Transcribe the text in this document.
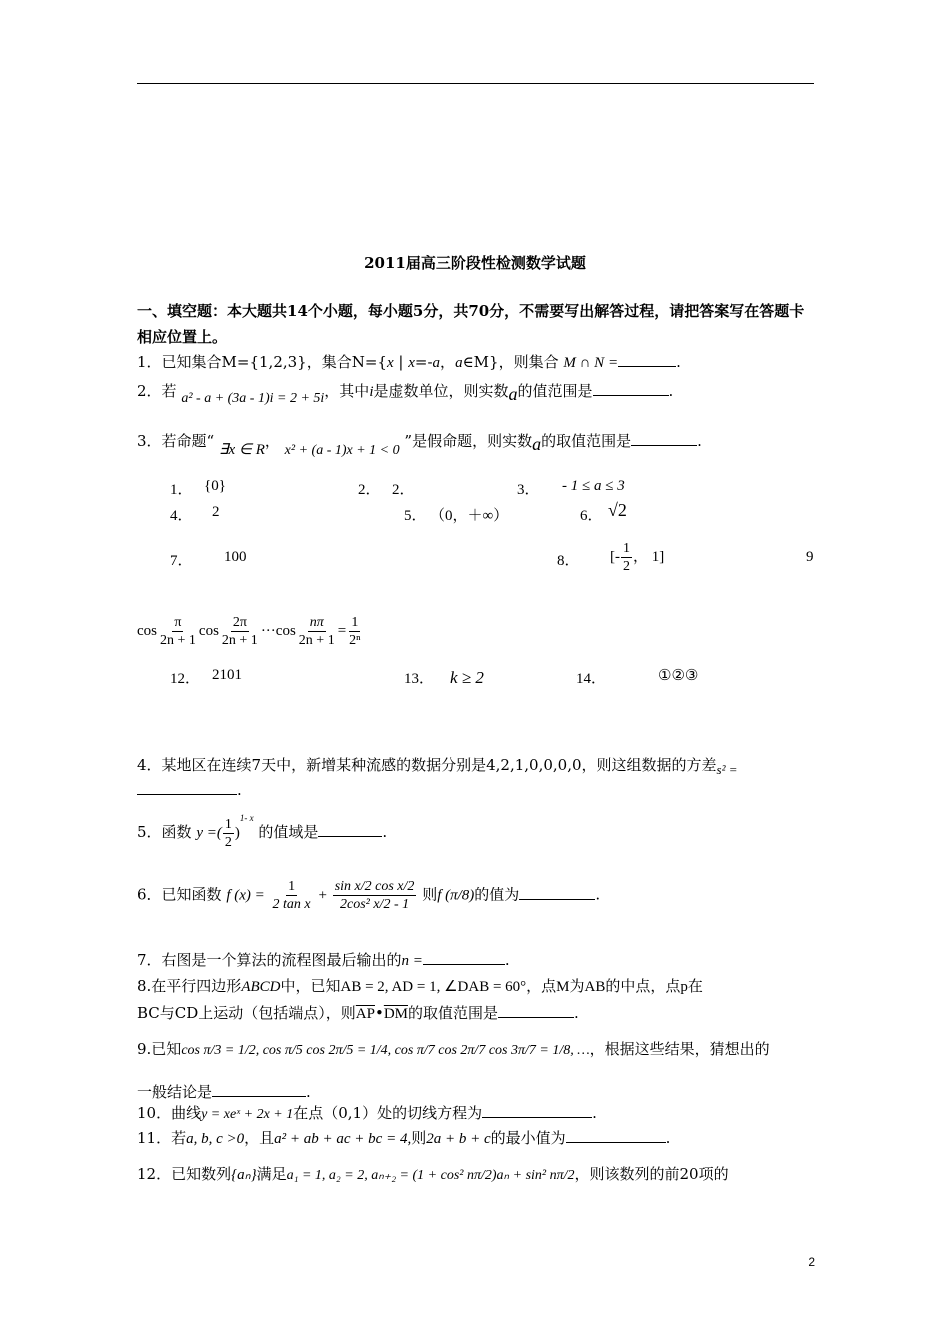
2011届高三阶段性检测数学试题
一、填空题：本大题共14个小题，每小题5分，共70分，不需要写出解答过程，请把答案写在答题卡相应位置上。
1．已知集合M={1,2,3}，集合N={x | x=-a，a∈M}，则集合 M ∩ N =	.
2．若 a² - a + (3a - 1)i = 2 + 5i，其中i是虚数单位，则实数a的值范围是	.
3．若命题“ ∃x ∈ R， x² + (a - 1)x + 1 < 0 ”是假命题，则实数a的取值范围是	.
1． {0}	2． 2．	3． - 1 ≤ a ≤ 3
4． 2	5． （0，＋∞）	6． √2
7． 100	8． [- $\frac{1}{2}$ ， 1]	9
$\cos \frac{\pi}{2n + 1}$ $\cos \frac{2\pi}{2n + 1} \cdot\cdot\cdot\cos \frac{n\pi}{2n + 1} = \frac{1}{\text{2ⁿ}}$
12． 2101	13． k ≥ 2	14．	①②③
4．某地区在连续7天中，新增某种流感的数据分别是4,2,1,0,0,0,0，则这组数据的方差s² =
.
5．函数 y =( $\frac{1}{2} )^{1- x}$ 的值域是	.
6．已知函数 f $(x) = \frac{1}{\text{2 tan x}} + \frac{\text{sin x/2 cos x/2}}{\text{2cos² x/2 - 1}}$ 则f (π/8)的值为	.
7．右图是一个算法的流程图最后输出的n =	.
8.在平行四边形ABCD中，已知AB = 2, AD = 1, ∠DAB = 60°，点M为AB的中点，点p在
BC与CD上运动（包括端点），则$\overline{AP}•\overline{DM}$的取值范围是	.
9.已知cos π/3 = 1/2, cos π/5 cos 2π/5 = 1/4, cos π/7 cos 2π/7 cos 3π/7 = 1/8, …，根据这些结果，猜想出的
一般结论是	.
10．曲线y = xeˣ + 2x + 1在点（0,1）处的切线方程为	.
11．若a, b, c >0，且a² + ab + ac + bc = 4,则2a + b + c的最小值为	.
12．已知数列{aₙ}满足a₁ = 1, a₂ = 2, aₙ₊₂ = (1 + cos² nπ/2)aₙ + sin² nπ/2，则该数列的前20项的
2
